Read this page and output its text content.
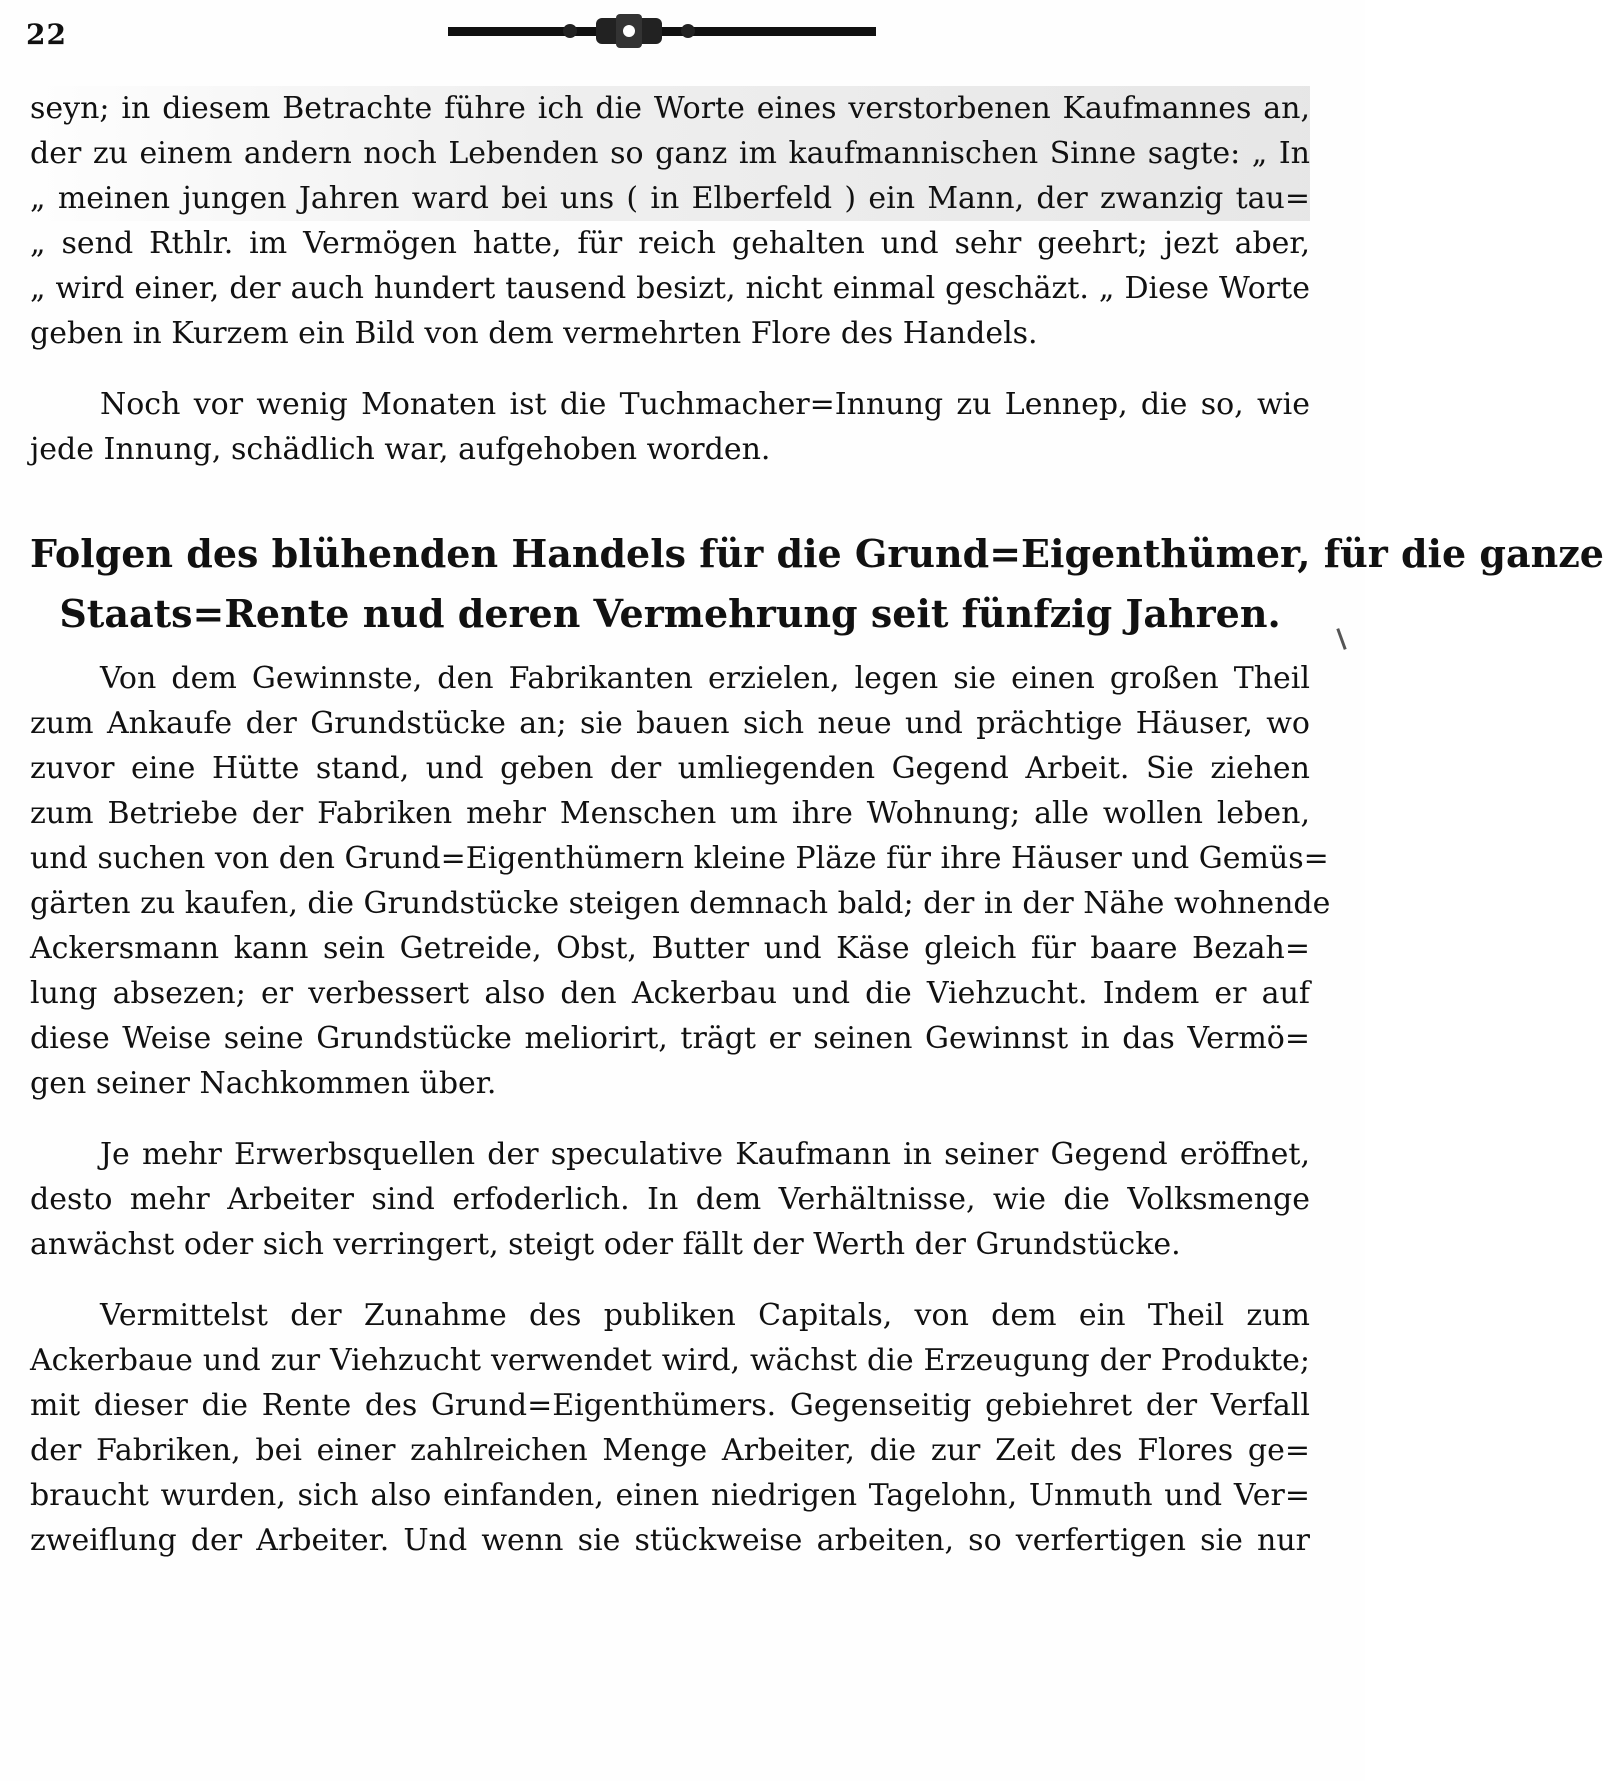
22
seyn; in diesem Betrachte führe ich die Worte eines verstorbenen Kaufmannes an,
der zu einem andern noch Lebenden so ganz im kaufmannischen Sinne sagte: „ In
„ meinen jungen Jahren ward bei uns ( in Elberfeld ) ein Mann, der zwanzig tau=
„ send Rthlr. im Vermögen hatte, für reich gehalten und sehr geehrt; jezt aber,
„ wird einer, der auch hundert tausend besizt, nicht einmal geschäzt. „ Diese Worte
geben in Kurzem ein Bild von dem vermehrten Flore des Handels.
Noch vor wenig Monaten ist die Tuchmacher=Innung zu Lennep, die so, wie
jede Innung, schädlich war, aufgehoben worden.
Folgen des blühenden Handels für die Grund=Eigenthümer, für die ganze
Staats=Rente nud deren Vermehrung seit fünfzig Jahren.
Von dem Gewinnste, den Fabrikanten erzielen, legen sie einen großen Theil
zum Ankaufe der Grundstücke an; sie bauen sich neue und prächtige Häuser, wo
zuvor eine Hütte stand, und geben der umliegenden Gegend Arbeit. Sie ziehen
zum Betriebe der Fabriken mehr Menschen um ihre Wohnung; alle wollen leben,
und suchen von den Grund=Eigenthümern kleine Pläze für ihre Häuser und Gemüs=
gärten zu kaufen, die Grundstücke steigen demnach bald; der in der Nähe wohnende
Ackersmann kann sein Getreide, Obst, Butter und Käse gleich für baare Bezah=
lung absezen; er verbessert also den Ackerbau und die Viehzucht. Indem er auf
diese Weise seine Grundstücke meliorirt, trägt er seinen Gewinnst in das Vermö=
gen seiner Nachkommen über.
Je mehr Erwerbsquellen der speculative Kaufmann in seiner Gegend eröffnet,
desto mehr Arbeiter sind erfoderlich. In dem Verhältnisse, wie die Volksmenge
anwächst oder sich verringert, steigt oder fällt der Werth der Grundstücke.
Vermittelst der Zunahme des publiken Capitals, von dem ein Theil zum
Ackerbaue und zur Viehzucht verwendet wird, wächst die Erzeugung der Produkte;
mit dieser die Rente des Grund=Eigenthümers. Gegenseitig gebiehret der Verfall
der Fabriken, bei einer zahlreichen Menge Arbeiter, die zur Zeit des Flores ge=
braucht wurden, sich also einfanden, einen niedrigen Tagelohn, Unmuth und Ver=
zweiflung der Arbeiter. Und wenn sie stückweise arbeiten, so verfertigen sie nur
